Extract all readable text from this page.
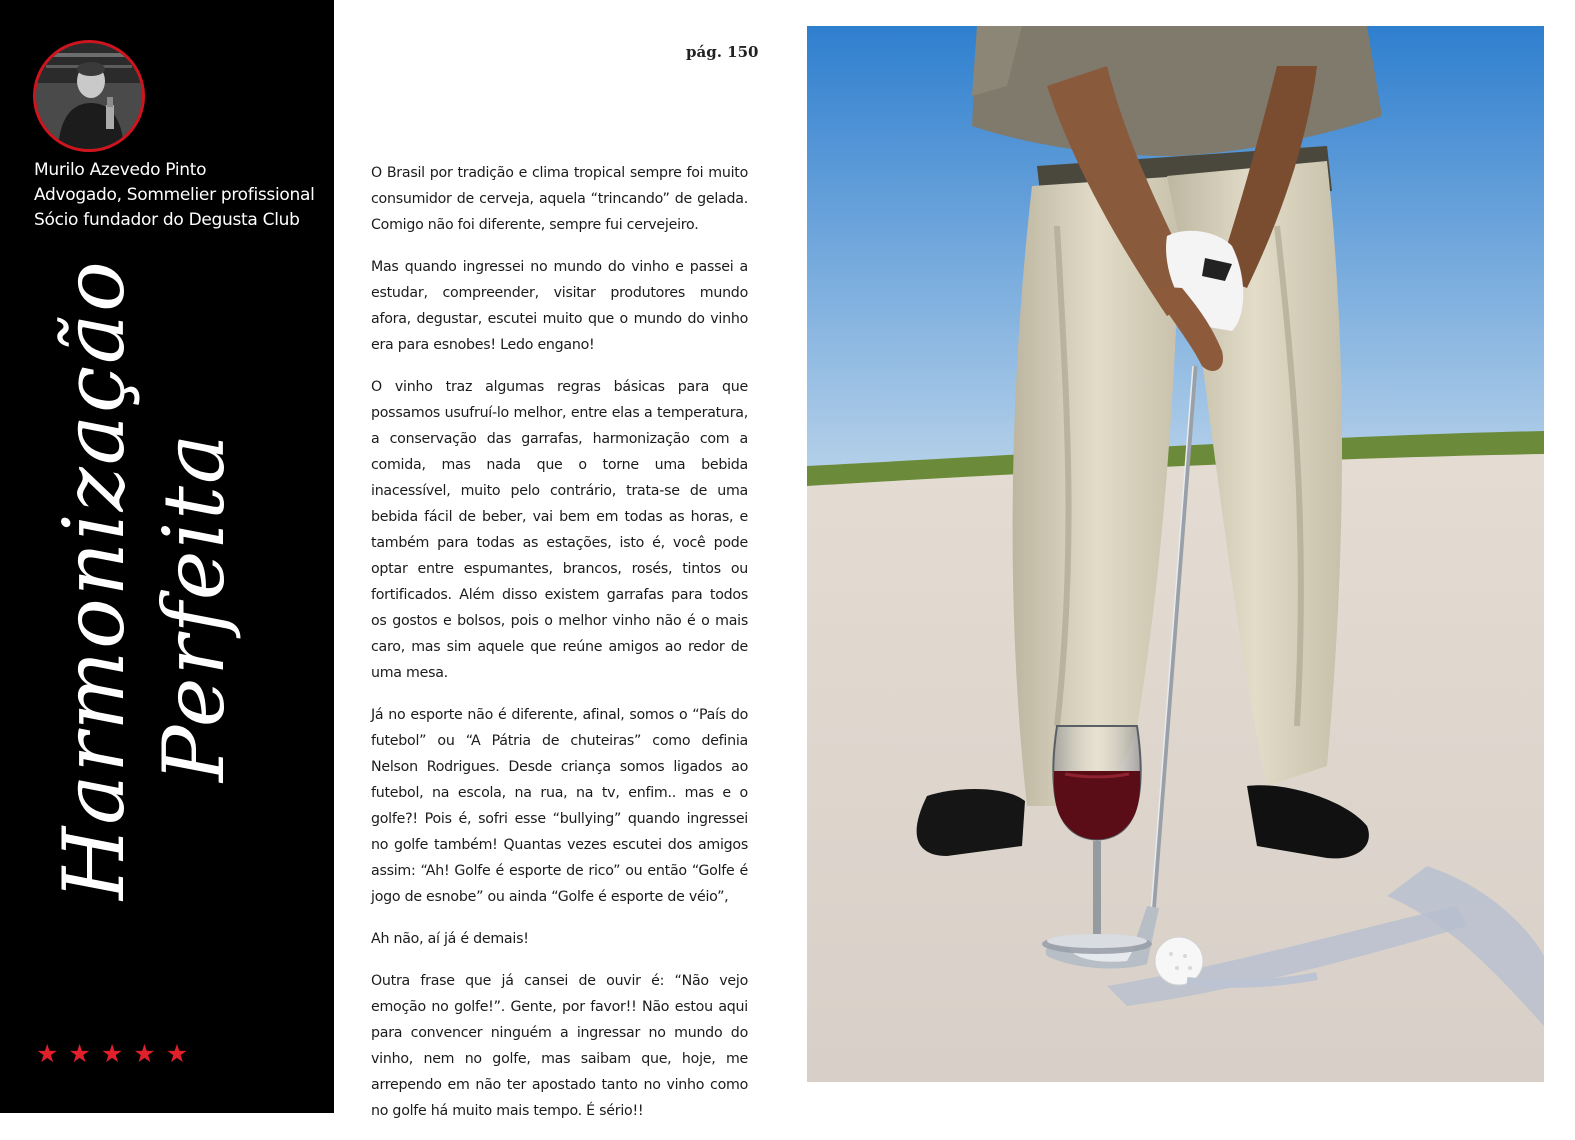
Murilo Azevedo Pinto
Advogado, Sommelier profissional
Sócio fundador do Degusta Club
Harmonização Perfeita
★ ★ ★ ★ ★
pág. 150

O Brasil por tradição e clima tropical sempre foi muito consumidor de cerveja, aquela “trincando” de gelada. Comigo não foi diferente, sempre fui cervejeiro.

Mas quando ingressei no mundo do vinho e passei a estudar, compreender, visitar produtores mundo afora, degustar, escutei muito que o mundo do vinho era para esnobes! Ledo engano!

O vinho traz algumas regras básicas para que possamos usufruí-lo melhor, entre elas a temperatura, a conservação das garrafas, harmonização com a comida, mas nada que o torne uma bebida inacessível, muito pelo contrário, trata-se de uma bebida fácil de beber, vai bem em todas as horas, e também para todas as estações, isto é, você pode optar entre espumantes, brancos, rosés, tintos ou fortificados. Além disso existem garrafas para todos os gostos e bolsos, pois o melhor vinho não é o mais caro, mas sim aquele que reúne amigos ao redor de uma mesa.

Já no esporte não é diferente, afinal, somos o “País do futebol” ou “A Pátria de chuteiras” como definia Nelson Rodrigues. Desde criança somos ligados ao futebol, na escola, na rua, na tv, enfim.. mas e o golfe?! Pois é, sofri esse “bullying” quando ingressei no golfe também! Quantas vezes escutei dos amigos assim: “Ah! Golfe é esporte de rico” ou então “Golfe é jogo de esnobe” ou ainda “Golfe é esporte de véio”,

Ah não, aí já é demais!

Outra frase que já cansei de ouvir é: “Não vejo emoção no golfe!”. Gente, por favor!! Não estou aqui para convencer ninguém a ingressar no mundo do vinho, nem no golfe, mas saibam que, hoje, me arrependo em não ter apostado tanto no vinho como no golfe há muito mais tempo. É sério!!
